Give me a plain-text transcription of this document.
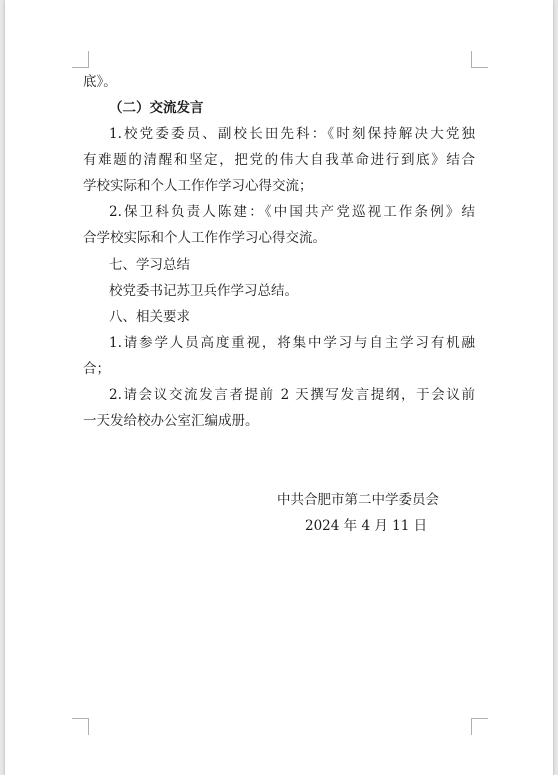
底》。
（二）交流发言
1.校党委委员、副校长田先科：《时刻保持解决大党独
有难题的清醒和坚定，把党的伟大自我革命进行到底》结合
学校实际和个人工作作学习心得交流；
2.保卫科负责人陈建：《中国共产党巡视工作条例》结
合学校实际和个人工作作学习心得交流。
七、学习总结
校党委书记苏卫兵作学习总结。
八、相关要求
1.请参学人员高度重视，将集中学习与自主学习有机融
合；
2.请会议交流发言者提前 2 天撰写发言提纲，于会议前
一天发给校办公室汇编成册。
中共合肥市第二中学委员会
2024 年 4 月 11 日
